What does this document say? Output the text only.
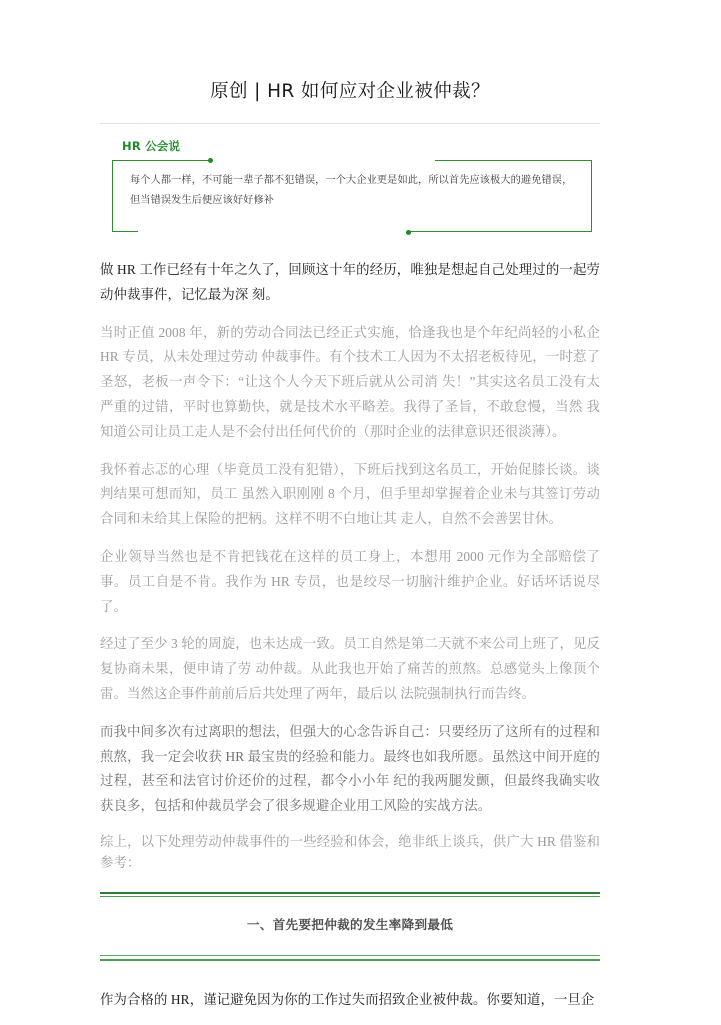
原创 | HR 如何应对企业被仲裁？
HR 公会说
每个人都一样，不可能一辈子都不犯错误，一个大企业更是如此，所以首先应该极大的避免错误，但当错误发生后便应该好好修补

做 HR 工作已经有十年之久了，回顾这十年的经历，唯独是想起自己处理过的一起劳动仲裁事件，记忆最为深 刻。

当时正值 2008 年，新的劳动合同法已经正式实施，恰逢我也是个年纪尚轻的小私企 HR 专员，从未处理过劳动 仲裁事件。有个技术工人因为不太招老板待见，一时惹了圣怒，老板一声令下：“让这个人今天下班后就从公司消 失！”其实这名员工没有太严重的过错，平时也算勤快，就是技术水平略差。我得了圣旨，不敢怠慢，当然 我知道公司让员工走人是不会付出任何代价的（那时企业的法律意识还很淡薄）。

我怀着忐忑的心理（毕竟员工没有犯错），下班后找到这名员工，开始促膝长谈。谈判结果可想而知，员工 虽然入职刚刚 8 个月，但手里却掌握着企业未与其签订劳动合同和未给其上保险的把柄。这样不明不白地让其 走人，自然不会善罢甘休。

企业领导当然也是不肯把钱花在这样的员工身上，本想用 2000 元作为全部赔偿了事。员工自是不肯。我作为 HR 专员，也是绞尽一切脑汁维护企业。好话坏话说尽了。

经过了至少 3 轮的周旋，也未达成一致。员工自然是第二天就不来公司上班了，见反复协商未果，便申请了劳 动仲裁。从此我也开始了痛苦的煎熬。总感觉头上像顶个雷。当然这企事件前前后后共处理了两年，最后以 法院强制执行而告终。

而我中间多次有过离职的想法，但强大的心念告诉自己：只要经历了这所有的过程和煎熬，我一定会收获 HR 最宝贵的经验和能力。最终也如我所愿。虽然这中间开庭的过程，甚至和法官讨价还价的过程，都令小小年 纪的我两腿发颤，但最终我确实收获良多，包括和仲裁员学会了很多规避企业用工风险的实战方法。

综上，以下处理劳动仲裁事件的一些经验和体会，绝非纸上谈兵，供广大 HR 借鉴和参考：

一、首先要把仲裁的发生率降到最低

作为合格的 HR，谨记避免因为你的工作过失而招致企业被仲裁。你要知道，一旦企
